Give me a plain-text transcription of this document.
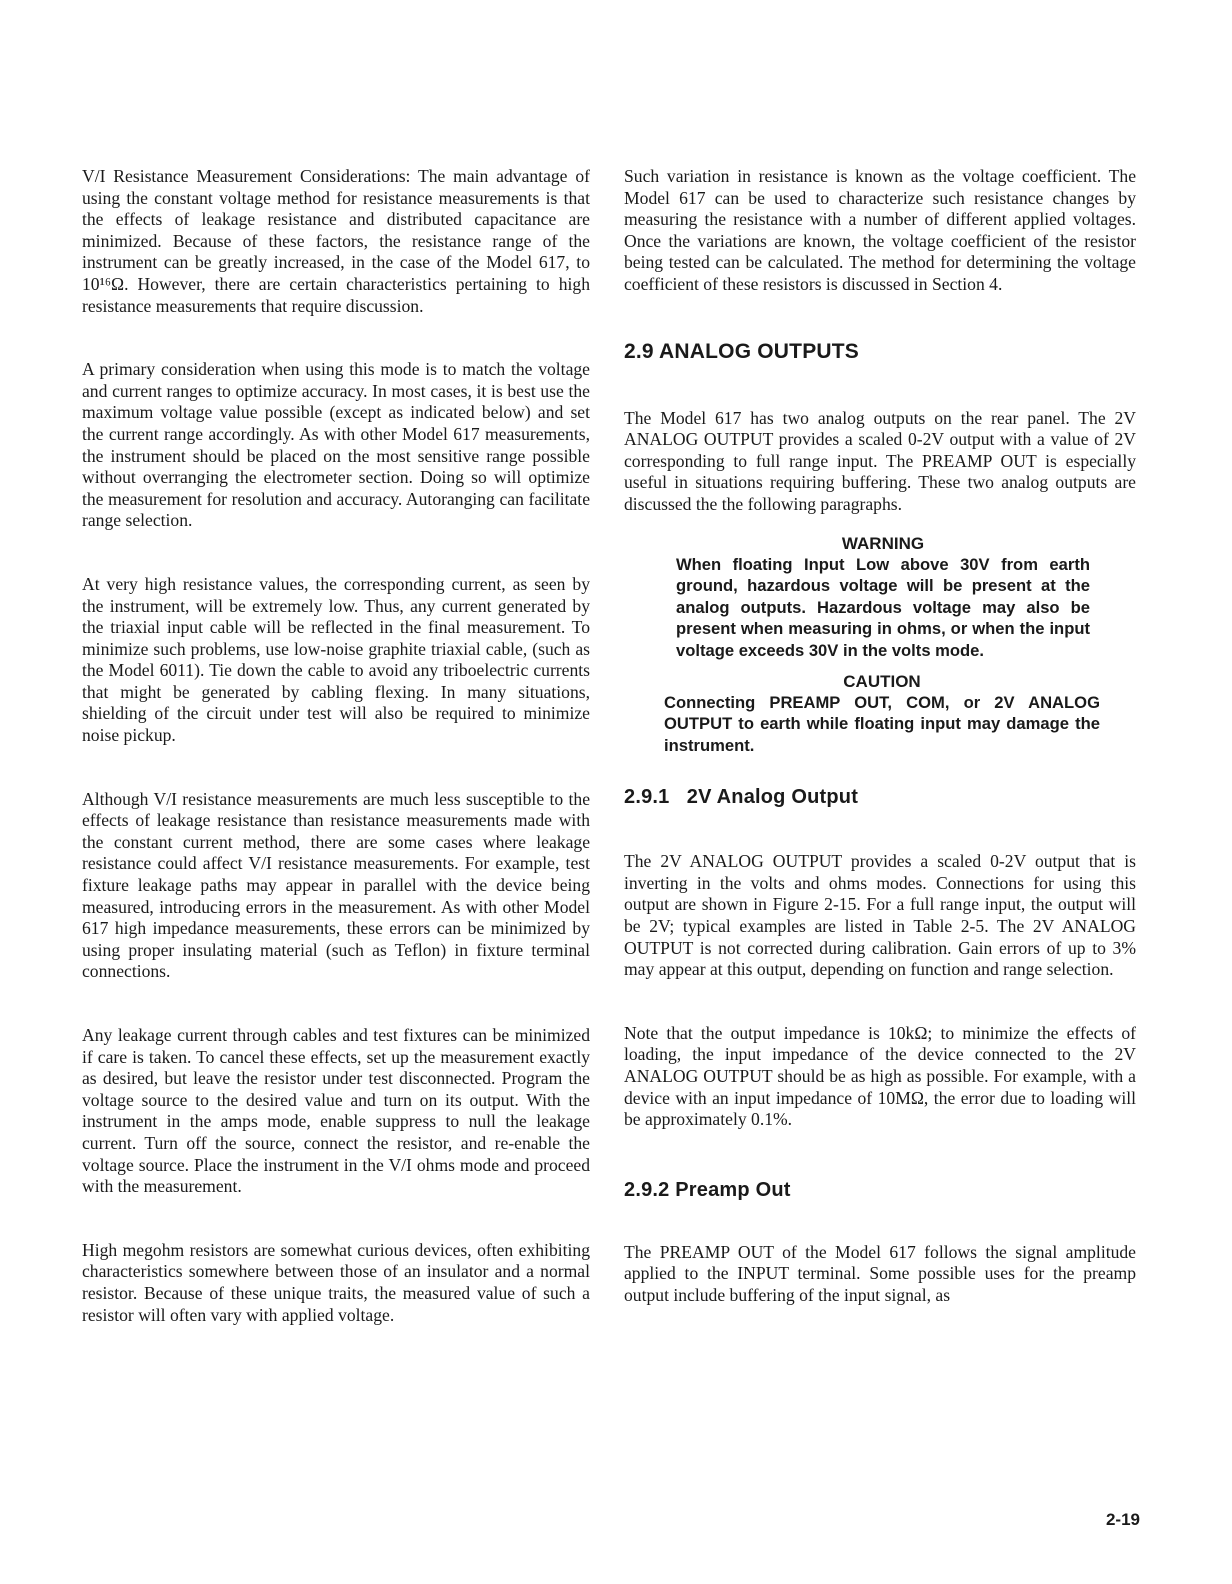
V/I Resistance Measurement Considerations: The main advantage of using the constant voltage method for resistance measurements is that the effects of leakage resistance and distributed capacitance are minimized. Because of these factors, the resistance range of the instrument can be greatly increased, in the case of the Model 617, to 10¹⁶Ω. However, there are certain characteristics pertaining to high resistance measurements that require discussion.

A primary consideration when using this mode is to match the voltage and current ranges to optimize accuracy. In most cases, it is best use the maximum voltage value possible (except as indicated below) and set the current range accordingly. As with other Model 617 measurements, the instrument should be placed on the most sensitive range possible without overranging the electrometer section. Doing so will optimize the measurement for resolution and accuracy. Autoranging can facilitate range selection.

At very high resistance values, the corresponding current, as seen by the instrument, will be extremely low. Thus, any current generated by the triaxial input cable will be reflected in the final measurement. To minimize such problems, use low-noise graphite triaxial cable, (such as the Model 6011). Tie down the cable to avoid any triboelectric currents that might be generated by cabling flexing. In many situations, shielding of the circuit under test will also be required to minimize noise pickup.

Although V/I resistance measurements are much less susceptible to the effects of leakage resistance than resistance measurements made with the constant current method, there are some cases where leakage resistance could affect V/I resistance measurements. For example, test fixture leakage paths may appear in parallel with the device being measured, introducing errors in the measurement. As with other Model 617 high impedance measurements, these errors can be minimized by using proper insulating material (such as Teflon) in fixture terminal connections.

Any leakage current through cables and test fixtures can be minimized if care is taken. To cancel these effects, set up the measurement exactly as desired, but leave the resistor under test disconnected. Program the voltage source to the desired value and turn on its output. With the instrument in the amps mode, enable suppress to null the leakage current. Turn off the source, connect the resistor, and re-enable the voltage source. Place the instrument in the V/I ohms mode and proceed with the measurement.

High megohm resistors are somewhat curious devices, often exhibiting characteristics somewhere between those of an insulator and a normal resistor. Because of these unique traits, the measured value of such a resistor will often vary with applied voltage.

Such variation in resistance is known as the voltage coefficient. The Model 617 can be used to characterize such resistance changes by measuring the resistance with a number of different applied voltages. Once the variations are known, the voltage coefficient of the resistor being tested can be calculated. The method for determining the voltage coefficient of these resistors is discussed in Section 4.

2.9 ANALOG OUTPUTS

The Model 617 has two analog outputs on the rear panel. The 2V ANALOG OUTPUT provides a scaled 0-2V output with a value of 2V corresponding to full range input. The PREAMP OUT is especially useful in situations requiring buffering. These two analog outputs are discussed the the following paragraphs.

WARNING

When floating Input Low above 30V from earth ground, hazardous voltage will be present at the analog outputs. Hazardous voltage may also be present when measuring in ohms, or when the input voltage exceeds 30V in the volts mode.

CAUTION

Connecting PREAMP OUT, COM, or 2V ANALOG OUTPUT to earth while floating input may damage the instrument.

2.9.1   2V Analog Output

The 2V ANALOG OUTPUT provides a scaled 0-2V output that is inverting in the volts and ohms modes. Connections for using this output are shown in Figure 2-15. For a full range input, the output will be 2V; typical examples are listed in Table 2-5. The 2V ANALOG OUTPUT is not corrected during calibration. Gain errors of up to 3% may appear at this output, depending on function and range selection.

Note that the output impedance is 10kΩ; to minimize the effects of loading, the input impedance of the device connected to the 2V ANALOG OUTPUT should be as high as possible. For example, with a device with an input impedance of 10MΩ, the error due to loading will be approximately 0.1%.

2.9.2 Preamp Out

The PREAMP OUT of the Model 617 follows the signal amplitude applied to the INPUT terminal. Some possible uses for the preamp output include buffering of the input signal, as

2-19
